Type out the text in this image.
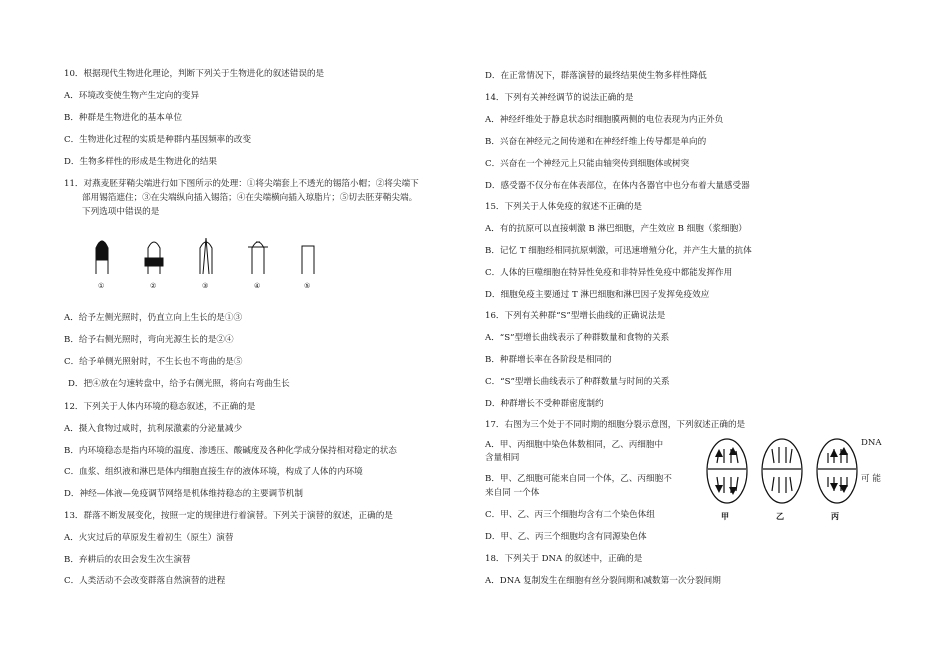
10．根据现代生物进化理论，判断下列关于生物进化的叙述错误的是
A．环境改变使生物产生定向的变异
B．种群是生物进化的基本单位
C．生物进化过程的实质是种群内基因频率的改变
D．生物多样性的形成是生物进化的结果
11．对燕麦胚芽鞘尖端进行如下图所示的处理：①将尖端套上不透光的锡箔小帽；②将尖端下
部用锡箔遮住；③在尖端纵向插入锡箔；④在尖端横向插入琼脂片；⑤切去胚芽鞘尖端。
下列选项中错误的是
①	②	③	④	⑤
A．给予左侧光照时，仍直立向上生长的是①③
B．给予右侧光照时，弯向光源生长的是②④
C．给予单侧光照射时，不生长也不弯曲的是⑤
D．把④放在匀速转盘中，给予右侧光照，将向右弯曲生长
12．下列关于人体内环境的稳态叙述，不正确的是
A．摄入食物过咸时，抗利尿激素的分泌量减少
B．内环境稳态是指内环境的温度、渗透压、酸碱度及各种化学成分保持相对稳定的状态
C．血浆、组织液和淋巴是体内细胞直接生存的液体环境，构成了人体的内环境
D．神经—体液—免疫调节网络是机体维持稳态的主要调节机制
13．群落不断发展变化，按照一定的规律进行着演替。下列关于演替的叙述，正确的是
A．火灾过后的草原发生着初生（原生）演替
B．弃耕后的农田会发生次生演替
C．人类活动不会改变群落自然演替的进程
D．在正常情况下，群落演替的最终结果使生物多样性降低
14．下列有关神经调节的说法正确的是
A．神经纤维处于静息状态时细胞膜两侧的电位表现为内正外负
B．兴奋在神经元之间传递和在神经纤维上传导都是单向的
C．兴奋在一个神经元上只能由轴突传到细胞体或树突
D．感受器不仅分布在体表部位，在体内各器官中也分布着大量感受器
15．下列关于人体免疫的叙述不正确的是
A．有的抗原可以直接刺激 B 淋巴细胞，产生效应 B 细胞（浆细胞）
B．记忆 T 细胞经相同抗原刺激，可迅速增殖分化，并产生大量的抗体
C．人体的巨噬细胞在特异性免疫和非特异性免疫中都能发挥作用
D．细胞免疫主要通过 T 淋巴细胞和淋巴因子发挥免疫效应
16．下列有关种群“S”型增长曲线的正确说法是
A．“S”型增长曲线表示了种群数量和食物的关系
B．种群增长率在各阶段是相同的
C．“S”型增长曲线表示了种群数量与时间的关系
D．种群增长不受种群密度制约
17．右图为三个处于不同时期的细胞分裂示意图，下列叙述正确的是
A．甲、丙细胞中染色体数相同，乙、丙细胞中
含量相同
DNA
B．甲、乙细胞可能来自同一个体，乙、丙细胞不	可 能
来自同 一个体
C．甲、乙、丙三个细胞均含有二个染色体组
D．甲、乙、丙三个细胞均含有同源染色体
甲	乙	丙
18．下列关于 DNA 的叙述中，正确的是
A．DNA 复制发生在细胞有丝分裂间期和减数第一次分裂间期
